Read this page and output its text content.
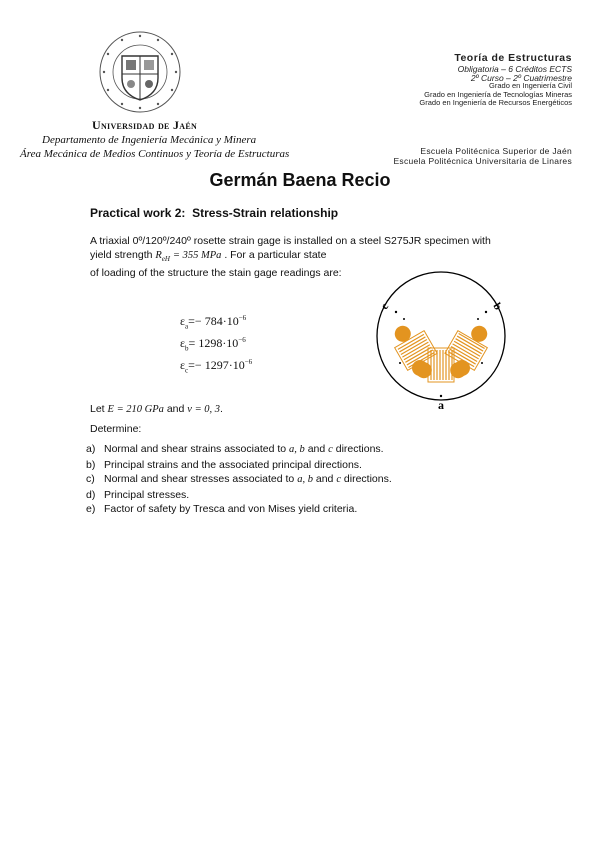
Universidad de Jaén
Departamento de Ingeniería Mecánica y Minera
Área Mecánica de Medios Continuos y Teoría de Estructuras
Teoría de Estructuras
Obligatoria – 6 Créditos ECTS
2º Curso – 2º Cuatrimestre
Grado en Ingeniería Civil
Grado en Ingeniería de Tecnologías Mineras
Grado en Ingeniería de Recursos Energéticos
Escuela Politécnica Superior de Jaén
Escuela Politécnica Universitaria de Linares
Germán Baena Recio
Practical work 2: Stress-Strain relationship
A triaxial 0º/120º/240º rosette strain gage is installed on a steel S275JR specimen with
yield strength $R_{eH} = 355$ MPa . For a particular state
of loading of the structure the stain gage readings are:
$\varepsilon_a=- 784\cdot 10^{-6}$
$\varepsilon_b= 1298\cdot 10^{-6}$
$\varepsilon_c=- 1297\cdot 10^{-6}$
a
c	b
Let E = 210 GPa and ν = 0, 3.
Determine:
a) Normal and shear strains associated to a, b and c directions.
b) Principal strains and the associated principal directions.
c) Normal and shear stresses associated to a, b and c directions.
d) Principal stresses.
e) Factor of safety by Tresca and von Mises yield criteria.
